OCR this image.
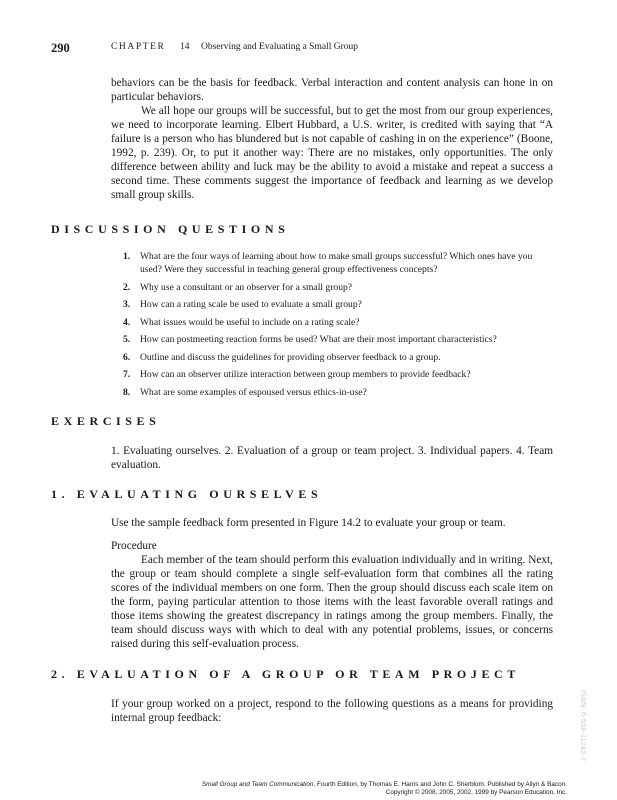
290	CHAPTER 14 Observing and Evaluating a Small Group

behaviors can be the basis for feedback. Verbal interaction and content analysis can hone in on particular behaviors.

We all hope our groups will be successful, but to get the most from our group experiences, we need to incorporate learning. Elbert Hubbard, a U.S. writer, is credited with saying that “A failure is a person who has blundered but is not capable of cashing in on the experience” (Boone, 1992, p. 239). Or, to put it another way: There are no mistakes, only opportunities. The only difference between ability and luck may be the ability to avoid a mistake and repeat a success a second time. These comments suggest the importance of feedback and learning as we develop small group skills.

DISCUSSION QUESTIONS
1. What are the four ways of learning about how to make small groups successful? Which ones have you used? Were they successful in teaching general group effectiveness concepts?
2. Why use a consultant or an observer for a small group?
3. How can a rating scale be used to evaluate a small group?
4. What issues would be useful to include on a rating scale?
5. How can postmeeting reaction forms be used? What are their most important characteristics?
6. Outline and discuss the guidelines for providing observer feedback to a group.
7. How can an observer utilize interaction between group members to provide feedback?
8. What are some examples of espoused versus ethics-in-use?
EXERCISES

1. Evaluating ourselves. 2. Evaluation of a group or team project. 3. Individual papers. 4. Team evaluation.

1. EVALUATING OURSELVES

Use the sample feedback form presented in Figure 14.2 to evaluate your group or team.

Procedure

Each member of the team should perform this evaluation individually and in writing. Next, the group or team should complete a single self-evaluation form that combines all the rating scores of the individual members on one form. Then the group should discuss each scale item on the form, paying particular attention to those items with the least favorable overall ratings and those items showing the greatest discrepancy in ratings among the group members. Finally, the team should discuss ways with which to deal with any potential problems, issues, or concerns raised during this self-evaluation process.

2. EVALUATION OF A GROUP OR TEAM PROJECT

If your group worked on a project, respond to the following questions as a means for providing internal group feedback:	ISBN: 0-558-11282-7
Small Group and Team Communication, Fourth Edition, by Thomas E. Harris and John C. Sherblom. Published by Allyn & Bacon.
Copyright © 2008, 2005, 2002, 1999 by Pearson Education, Inc.
